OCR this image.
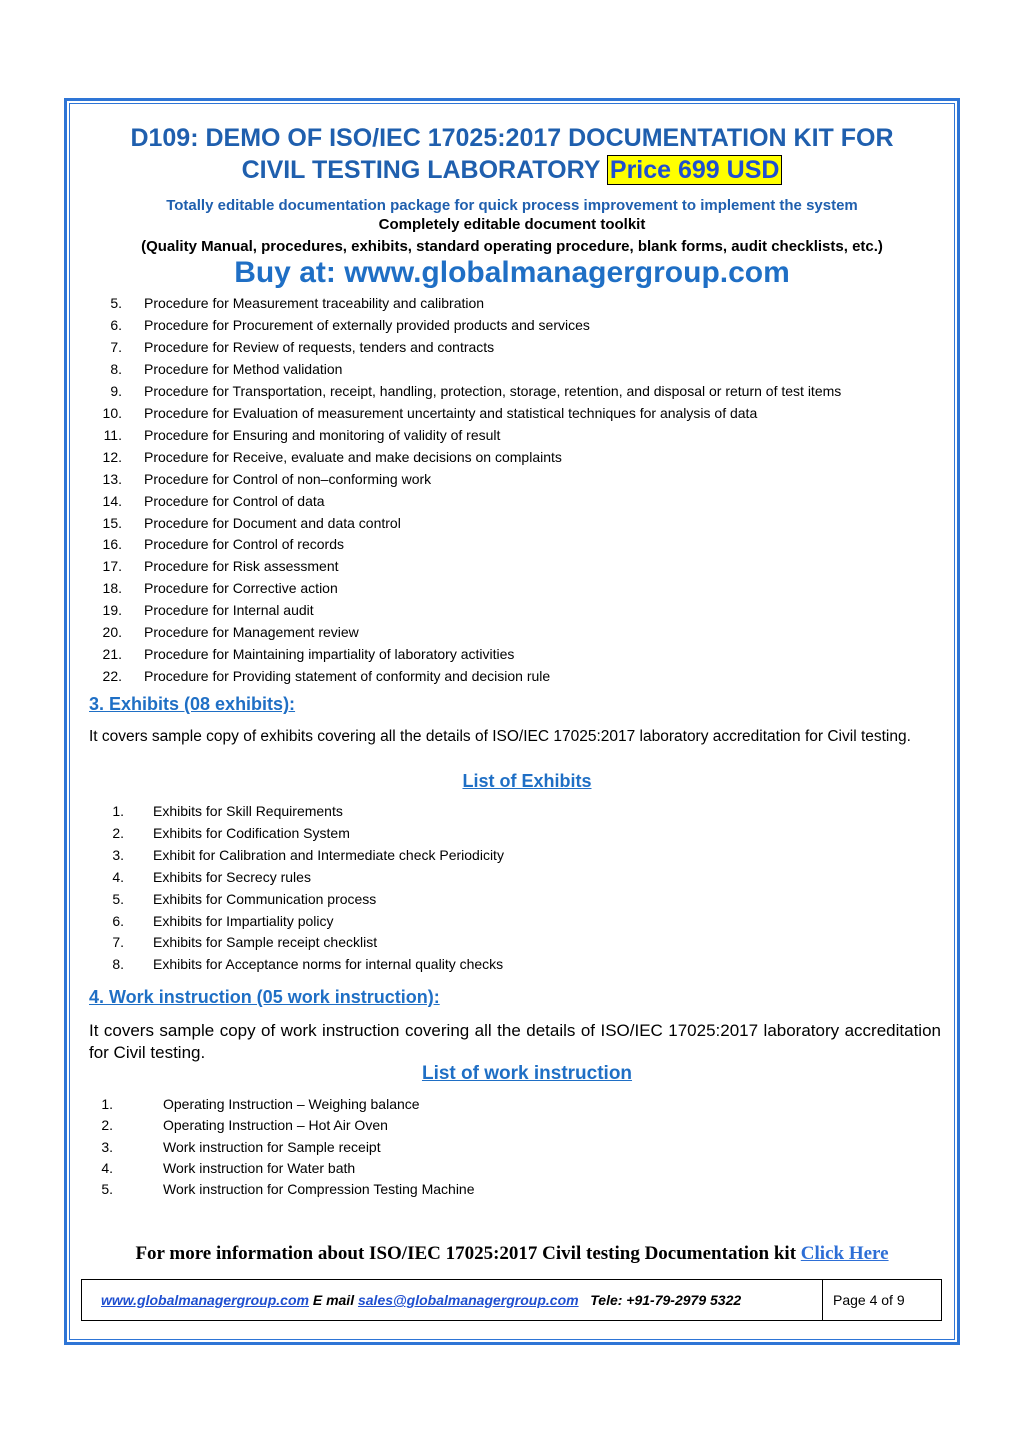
D109: DEMO OF ISO/IEC 17025:2017 DOCUMENTATION KIT FOR
CIVIL TESTING LABORATORY Price 699 USD
Totally editable documentation package for quick process improvement to implement the system
Completely editable document toolkit
(Quality Manual, procedures, exhibits, standard operating procedure, blank forms, audit checklists, etc.)
Buy at: www.globalmanagergroup.com
5. Procedure for Measurement traceability and calibration
6. Procedure for Procurement of externally provided products and services
7. Procedure for Review of requests, tenders and contracts
8. Procedure for Method validation
9. Procedure for Transportation, receipt, handling, protection, storage, retention, and disposal or return of test items
10. Procedure for Evaluation of measurement uncertainty and statistical techniques for analysis of data
11. Procedure for Ensuring and monitoring of validity of result
12. Procedure for Receive, evaluate and make decisions on complaints
13. Procedure for Control of non–conforming work
14. Procedure for Control of data
15. Procedure for Document and data control
16. Procedure for Control of records
17. Procedure for Risk assessment
18. Procedure for Corrective action
19. Procedure for Internal audit
20. Procedure for Management review
21. Procedure for Maintaining impartiality of laboratory activities
22. Procedure for Providing statement of conformity and decision rule
3. Exhibits (08 exhibits):
It covers sample copy of exhibits covering all the details of ISO/IEC 17025:2017 laboratory accreditation for Civil testing.
List of Exhibits
1. Exhibits for Skill Requirements
2. Exhibits for Codification System
3. Exhibit for Calibration and Intermediate check Periodicity
4. Exhibits for Secrecy rules
5. Exhibits for Communication process
6. Exhibits for Impartiality policy
7. Exhibits for Sample receipt checklist
8. Exhibits for Acceptance norms for internal quality checks
4. Work instruction (05 work instruction):
It covers sample copy of work instruction covering all the details of ISO/IEC 17025:2017 laboratory accreditation for Civil testing.
List of work instruction
1.	Operating Instruction – Weighing balance
2.	Operating Instruction – Hot Air Oven
3.	Work instruction for Sample receipt
4.	Work instruction for Water bath
5.	Work instruction for Compression Testing Machine
For more information about ISO/IEC 17025:2017 Civil testing Documentation kit Click Here
www.globalmanagergroup.com E mail sales@globalmanagergroup.com Tele: +91-79-2979 5322	Page 4 of 9
